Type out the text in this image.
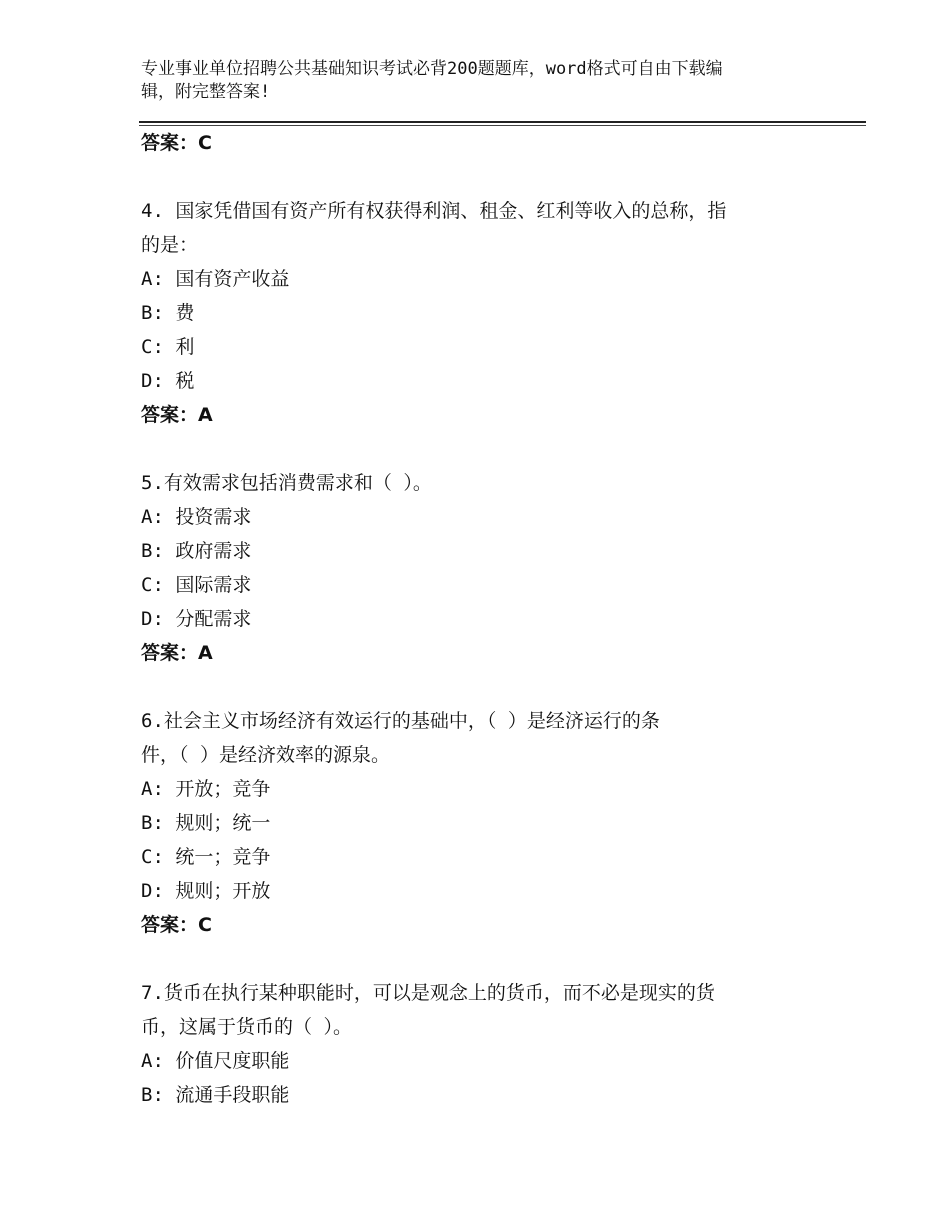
专业事业单位招聘公共基础知识考试必背200题题库，word格式可自由下载编
辑，附完整答案!
答案：C
4. 国家凭借国有资产所有权获得利润、租金、红利等收入的总称，指
的是：
A: 国有资产收益
B: 费
C: 利
D: 税
答案：A
5.有效需求包括消费需求和（ ）。
A: 投资需求
B: 政府需求
C: 国际需求
D: 分配需求
答案：A
6.社会主义市场经济有效运行的基础中，（ ）是经济运行的条
件，（ ）是经济效率的源泉。
A: 开放；竞争
B: 规则；统一
C: 统一；竞争
D: 规则；开放
答案：C
7.货币在执行某种职能时，可以是观念上的货币，而不必是现实的货
币，这属于货币的（ ）。
A: 价值尺度职能
B: 流通手段职能
